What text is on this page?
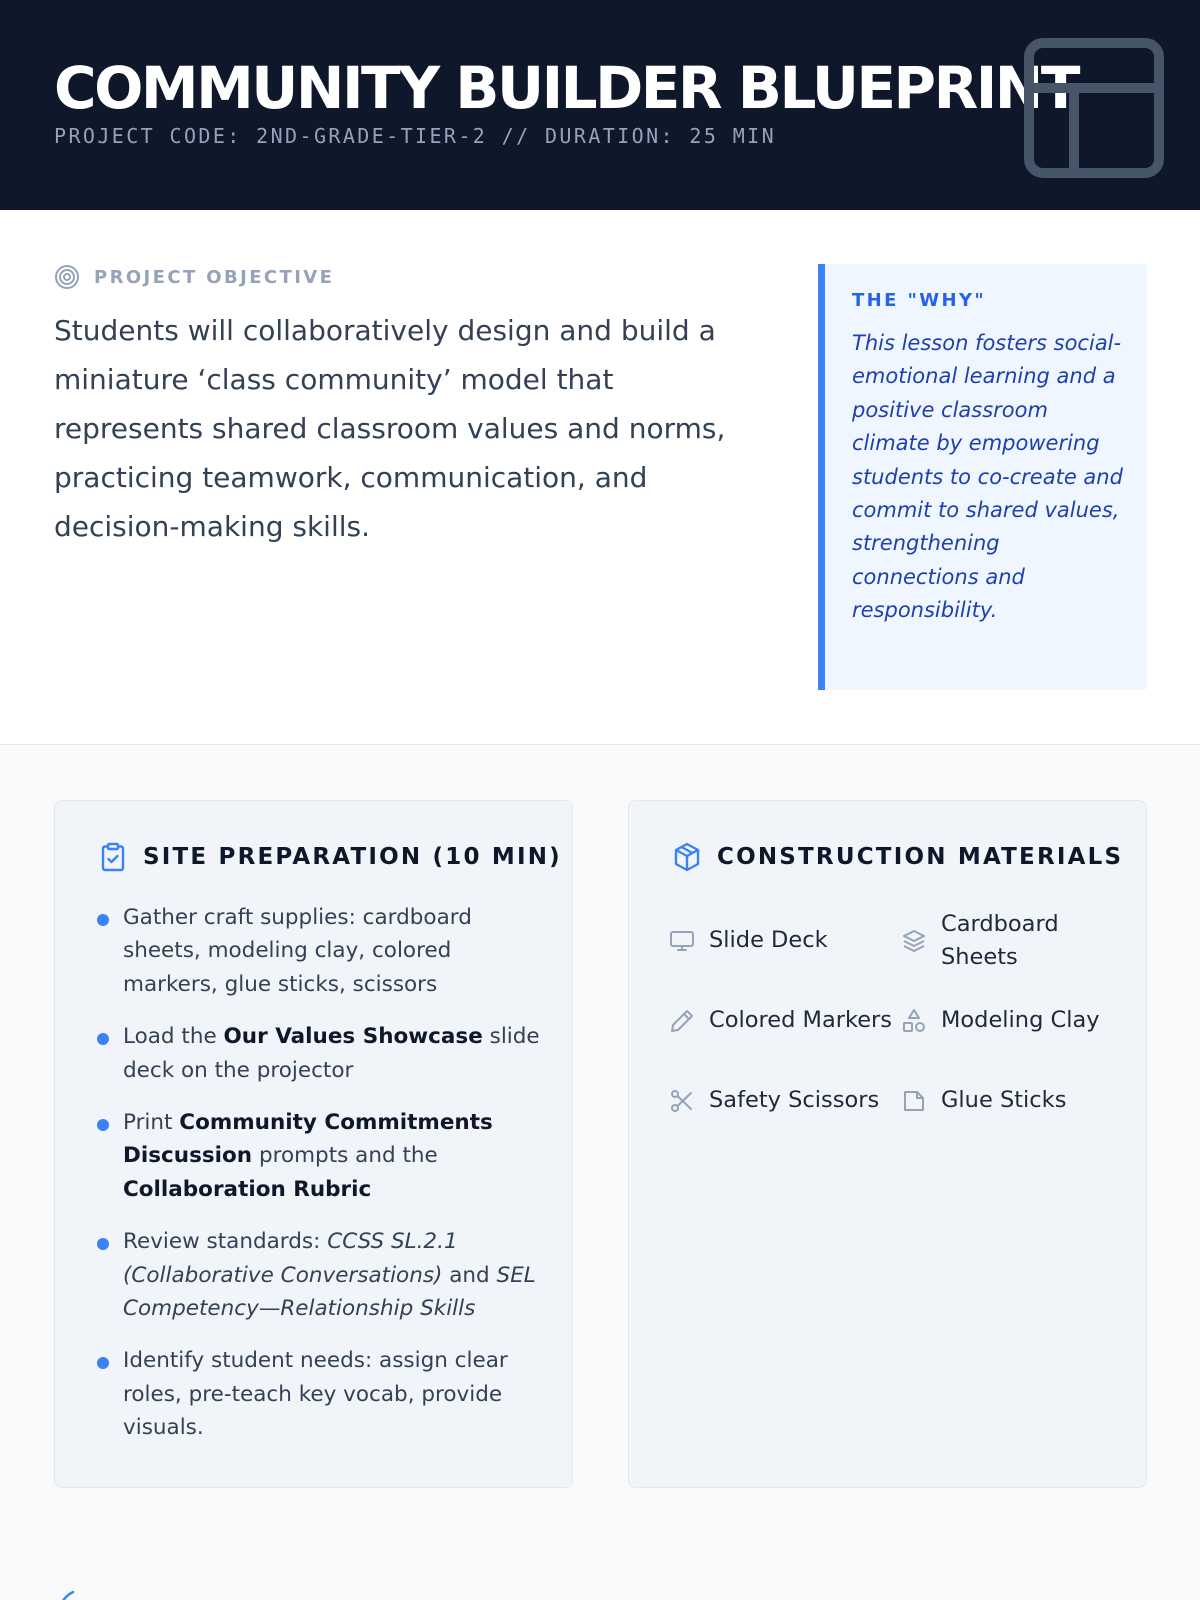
COMMUNITY BUILDER BLUEPRINT
PROJECT CODE: 2ND-GRADE-TIER-2 // DURATION: 25 MIN
PROJECT OBJECTIVE

Students will collaboratively design and build a miniature ‘class community’ model that represents shared classroom values and norms, practicing teamwork, communication, and decision-making skills.

THE "WHY"

This lesson fosters social-emotional learning and a positive classroom climate by empowering students to co-create and commit to shared values, strengthening connections and responsibility.

SITE PREPARATION (10 MIN)
Gather craft supplies: cardboard sheets, modeling clay, colored markers, glue sticks, scissors
Load the Our Values Showcase slide deck on the projector
Print Community Commitments Discussion prompts and the Collaboration Rubric
Review standards: CCSS SL.2.1 (Collaborative Conversations) and SEL Competency—Relationship Skills
Identify student needs: assign clear roles, pre-teach key vocab, provide visuals.
CONSTRUCTION MATERIALS
Slide Deck
Cardboard Sheets
Colored Markers Modeling Clay
Safety Scissors	Glue Sticks
